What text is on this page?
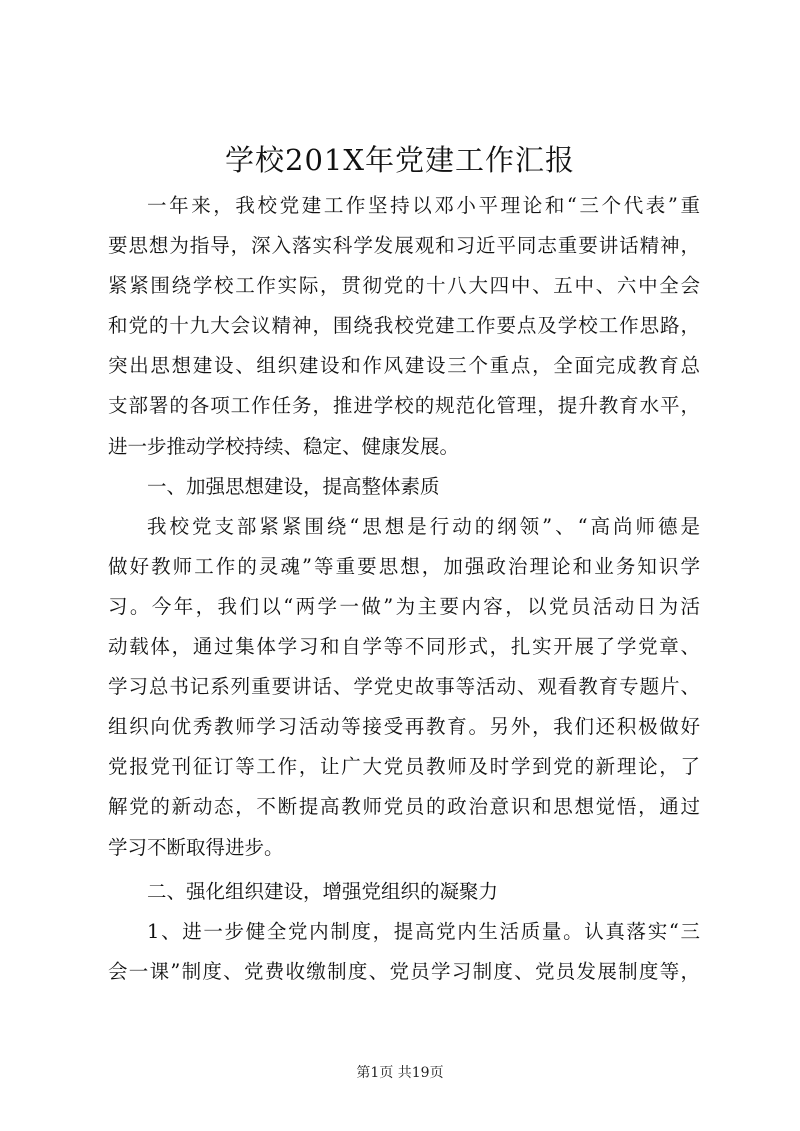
学校201X年党建工作汇报
一年来，我校党建工作坚持以邓小平理论和“三个代表”重
要思想为指导，深入落实科学发展观和习近平同志重要讲话精神，
紧紧围绕学校工作实际，贯彻党的十八大四中、五中、六中全会
和党的十九大会议精神，围绕我校党建工作要点及学校工作思路，
突出思想建设、组织建设和作风建设三个重点，全面完成教育总
支部署的各项工作任务，推进学校的规范化管理，提升教育水平，
进一步推动学校持续、稳定、健康发展。
一、加强思想建设，提高整体素质
我校党支部紧紧围绕“思想是行动的纲领”、“高尚师德是
做好教师工作的灵魂”等重要思想，加强政治理论和业务知识学
习。今年，我们以“两学一做”为主要内容，以党员活动日为活
动载体，通过集体学习和自学等不同形式，扎实开展了学党章、
学习总书记系列重要讲话、学党史故事等活动、观看教育专题片、
组织向优秀教师学习活动等接受再教育。另外，我们还积极做好
党报党刊征订等工作，让广大党员教师及时学到党的新理论，了
解党的新动态，不断提高教师党员的政治意识和思想觉悟，通过
学习不断取得进步。
二、强化组织建设，增强党组织的凝聚力
1、进一步健全党内制度，提高党内生活质量。认真落实“三
会一课”制度、党费收缴制度、党员学习制度、党员发展制度等，
第1页 共19页
